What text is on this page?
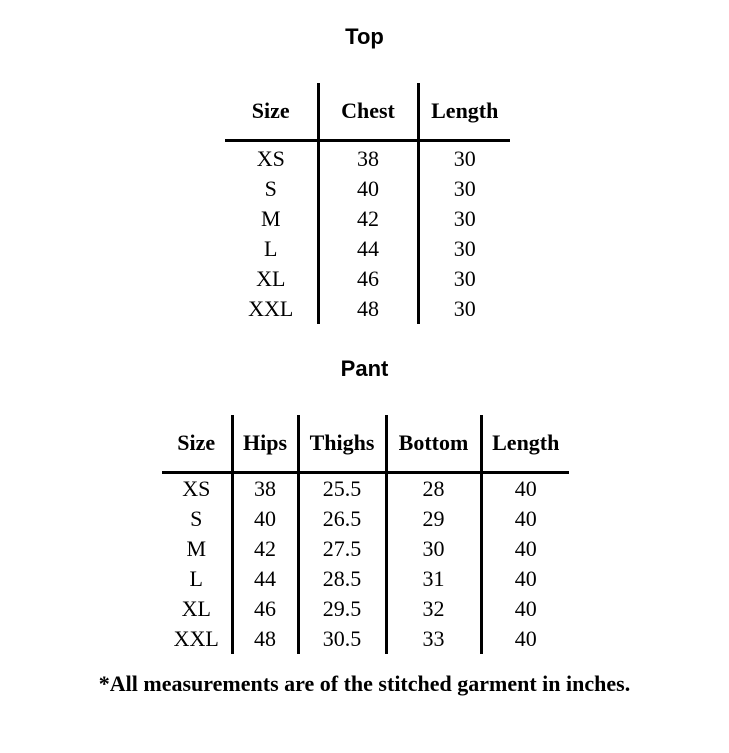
Top
Size	Chest	Length
XS	38	30
S	40	30
M	42	30
L	44	30
XL	46	30
XXL	48	30
Pant
Size	Hips	Thighs	Bottom	Length
XS	38	25.5	28	40
S	40	26.5	29	40
M	42	27.5	30	40
L	44	28.5	31	40
XL	46	29.5	32	40
XXL	48	30.5	33	40

*All measurements are of the stitched garment in inches.
